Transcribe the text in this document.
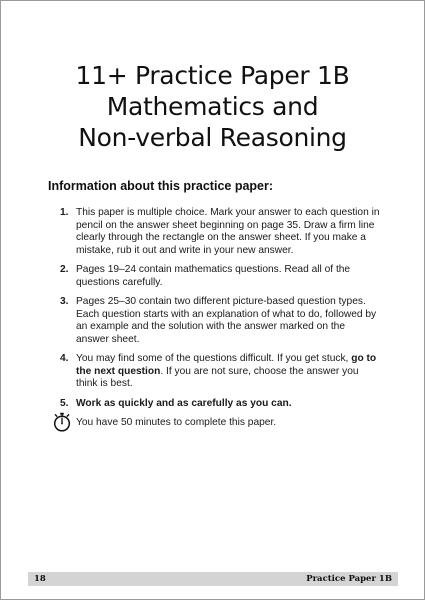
11+ Practice Paper 1B
Mathematics and
Non-verbal Reasoning
Information about this practice paper:
1. This paper is multiple choice. Mark your answer to each question in pencil on the answer sheet beginning on page 35. Draw a firm line clearly through the rectangle on the answer sheet. If you make a mistake, rub it out and write in your new answer.
2. Pages 19–24 contain mathematics questions. Read all of the questions carefully.
3. Pages 25–30 contain two different picture-based question types. Each question starts with an explanation of what to do, followed by an example and the solution with the answer marked on the answer sheet.
4. You may find some of the questions difficult. If you get stuck, go to the next question. If you are not sure, choose the answer you think is best.
5. Work as quickly and as carefully as you can.
You have 50 minutes to complete this paper.
18	Practice Paper 1B
